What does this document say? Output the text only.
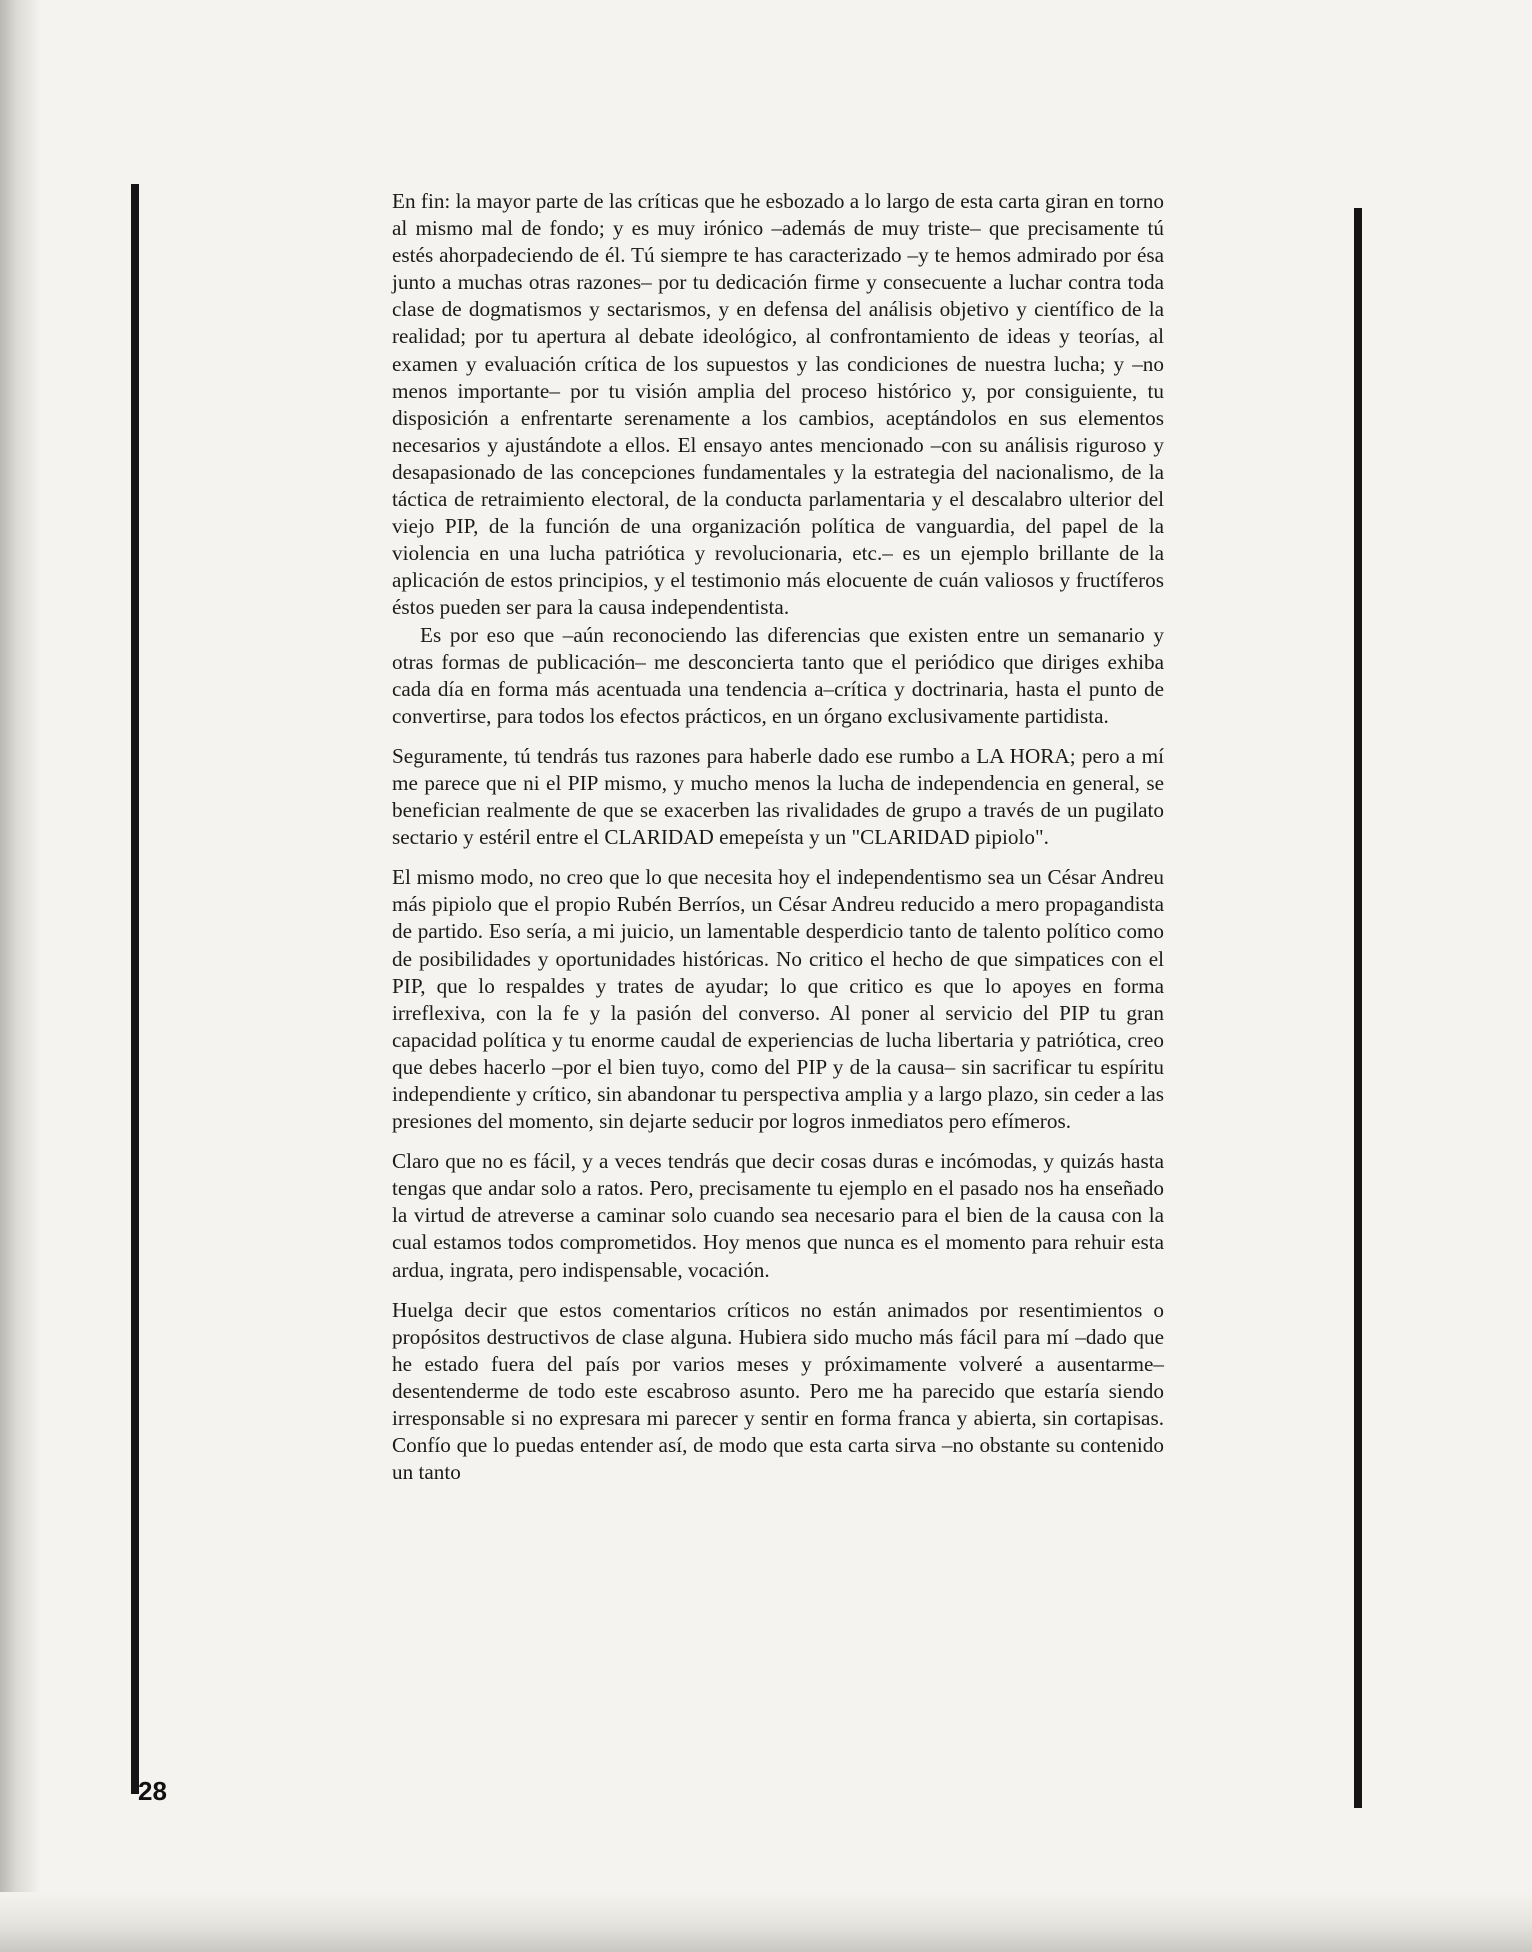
En fin: la mayor parte de las críticas que he esbozado a lo largo de esta carta giran en torno al mismo mal de fondo; y es muy irónico –además de muy triste– que precisamente tú estés ahorpadeciendo de él. Tú siempre te has caracterizado –y te hemos admirado por ésa junto a muchas otras razones– por tu dedicación firme y consecuente a luchar contra toda clase de dogmatismos y sectarismos, y en defensa del análisis objetivo y científico de la realidad; por tu apertura al debate ideológico, al confrontamiento de ideas y teorías, al examen y evaluación crítica de los supuestos y las condiciones de nuestra lucha; y –no menos importante– por tu visión amplia del proceso histórico y, por consiguiente, tu disposición a enfrentarte serenamente a los cambios, aceptándolos en sus elementos necesarios y ajustándote a ellos. El ensayo antes mencionado –con su análisis riguroso y desapasionado de las concepciones fundamentales y la estrategia del nacionalismo, de la táctica de retraimiento electoral, de la conducta parlamentaria y el descalabro ulterior del viejo PIP, de la función de una organización política de vanguardia, del papel de la violencia en una lucha patriótica y revolucionaria, etc.– es un ejemplo brillante de la aplicación de estos principios, y el testimonio más elocuente de cuán valiosos y fructíferos éstos pueden ser para la causa independentista.

Es por eso que –aún reconociendo las diferencias que existen entre un semanario y otras formas de publicación– me desconcierta tanto que el periódico que diriges exhiba cada día en forma más acentuada una tendencia a–crítica y doctrinaria, hasta el punto de convertirse, para todos los efectos prácticos, en un órgano exclusivamente partidista.

Seguramente, tú tendrás tus razones para haberle dado ese rumbo a LA HORA; pero a mí me parece que ni el PIP mismo, y mucho menos la lucha de independencia en general, se benefician realmente de que se exacerben las rivalidades de grupo a través de un pugilato sectario y estéril entre el CLARIDAD emepeísta y un "CLARIDAD pipiolo".

El mismo modo, no creo que lo que necesita hoy el independentismo sea un César Andreu más pipiolo que el propio Rubén Berríos, un César Andreu reducido a mero propagandista de partido. Eso sería, a mi juicio, un lamentable desperdicio tanto de talento político como de posibilidades y oportunidades históricas. No critico el hecho de que simpatices con el PIP, que lo respaldes y trates de ayudar; lo que critico es que lo apoyes en forma irreflexiva, con la fe y la pasión del converso. Al poner al servicio del PIP tu gran capacidad política y tu enorme caudal de experiencias de lucha libertaria y patriótica, creo que debes hacerlo –por el bien tuyo, como del PIP y de la causa– sin sacrificar tu espíritu independiente y crítico, sin abandonar tu perspectiva amplia y a largo plazo, sin ceder a las presiones del momento, sin dejarte seducir por logros inmediatos pero efímeros.

Claro que no es fácil, y a veces tendrás que decir cosas duras e incómodas, y quizás hasta tengas que andar solo a ratos. Pero, precisamente tu ejemplo en el pasado nos ha enseñado la virtud de atreverse a caminar solo cuando sea necesario para el bien de la causa con la cual estamos todos comprometidos. Hoy menos que nunca es el momento para rehuir esta ardua, ingrata, pero indispensable, vocación.

Huelga decir que estos comentarios críticos no están animados por resentimientos o propósitos destructivos de clase alguna. Hubiera sido mucho más fácil para mí –dado que he estado fuera del país por varios meses y próximamente volveré a ausentarme– desentenderme de todo este escabroso asunto. Pero me ha parecido que estaría siendo irresponsable si no expresara mi parecer y sentir en forma franca y abierta, sin cortapisas. Confío que lo puedas entender así, de modo que esta carta sirva –no obstante su contenido un tanto

28
